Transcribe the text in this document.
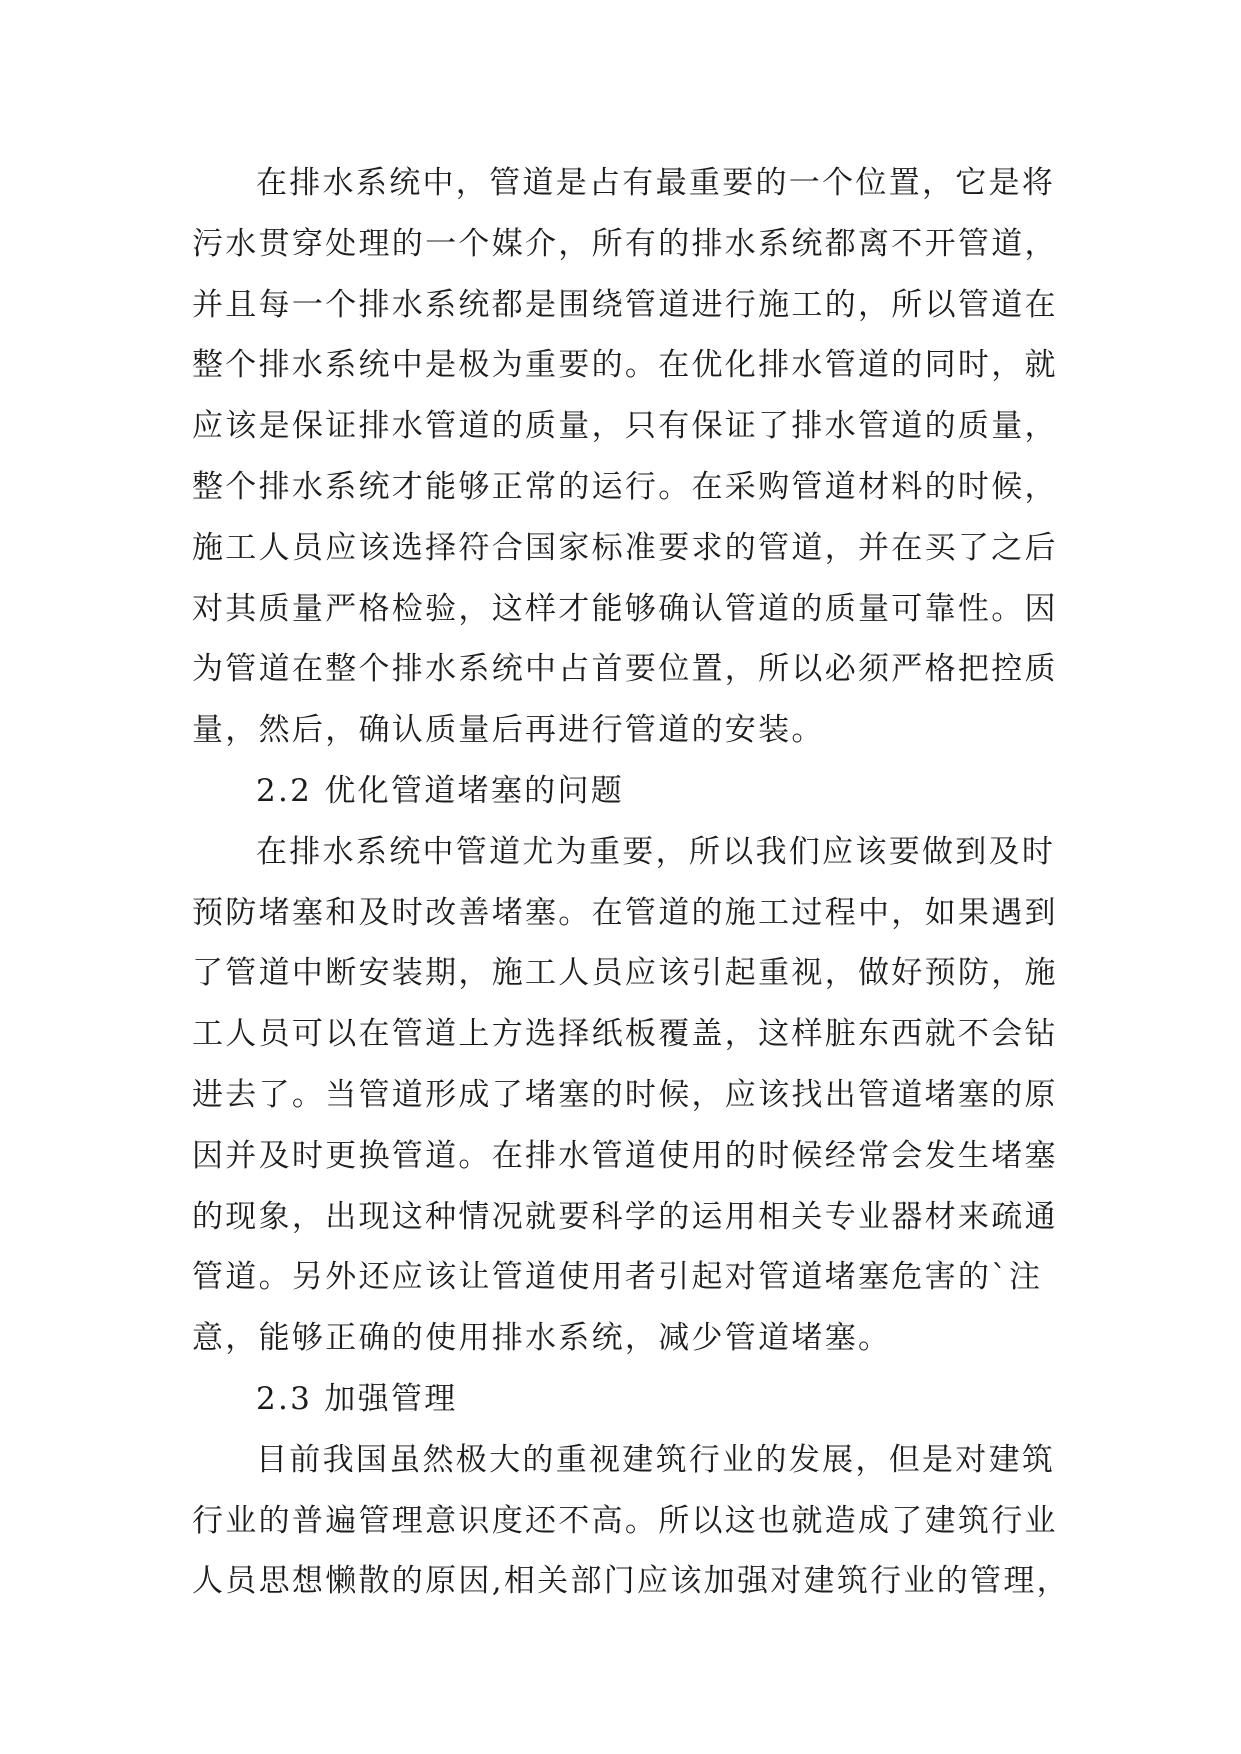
在排水系统中，管道是占有最重要的一个位置，它是将
污水贯穿处理的一个媒介，所有的排水系统都离不开管道，
并且每一个排水系统都是围绕管道进行施工的，所以管道在
整个排水系统中是极为重要的。在优化排水管道的同时，就
应该是保证排水管道的质量，只有保证了排水管道的质量，
整个排水系统才能够正常的运行。在采购管道材料的时候，
施工人员应该选择符合国家标准要求的管道，并在买了之后
对其质量严格检验，这样才能够确认管道的质量可靠性。因
为管道在整个排水系统中占首要位置，所以必须严格把控质
量，然后，确认质量后再进行管道的安装。
2.2 优化管道堵塞的问题
在排水系统中管道尤为重要，所以我们应该要做到及时
预防堵塞和及时改善堵塞。在管道的施工过程中，如果遇到
了管道中断安装期，施工人员应该引起重视，做好预防，施
工人员可以在管道上方选择纸板覆盖，这样脏东西就不会钻
进去了。当管道形成了堵塞的时候，应该找出管道堵塞的原
因并及时更换管道。在排水管道使用的时候经常会发生堵塞
的现象，出现这种情况就要科学的运用相关专业器材来疏通
管道。另外还应该让管道使用者引起对管道堵塞危害的`注
意，能够正确的使用排水系统，减少管道堵塞。
2.3 加强管理
目前我国虽然极大的重视建筑行业的发展，但是对建筑
行业的普遍管理意识度还不高。所以这也就造成了建筑行业
人员思想懒散的原因,相关部门应该加强对建筑行业的管理，
